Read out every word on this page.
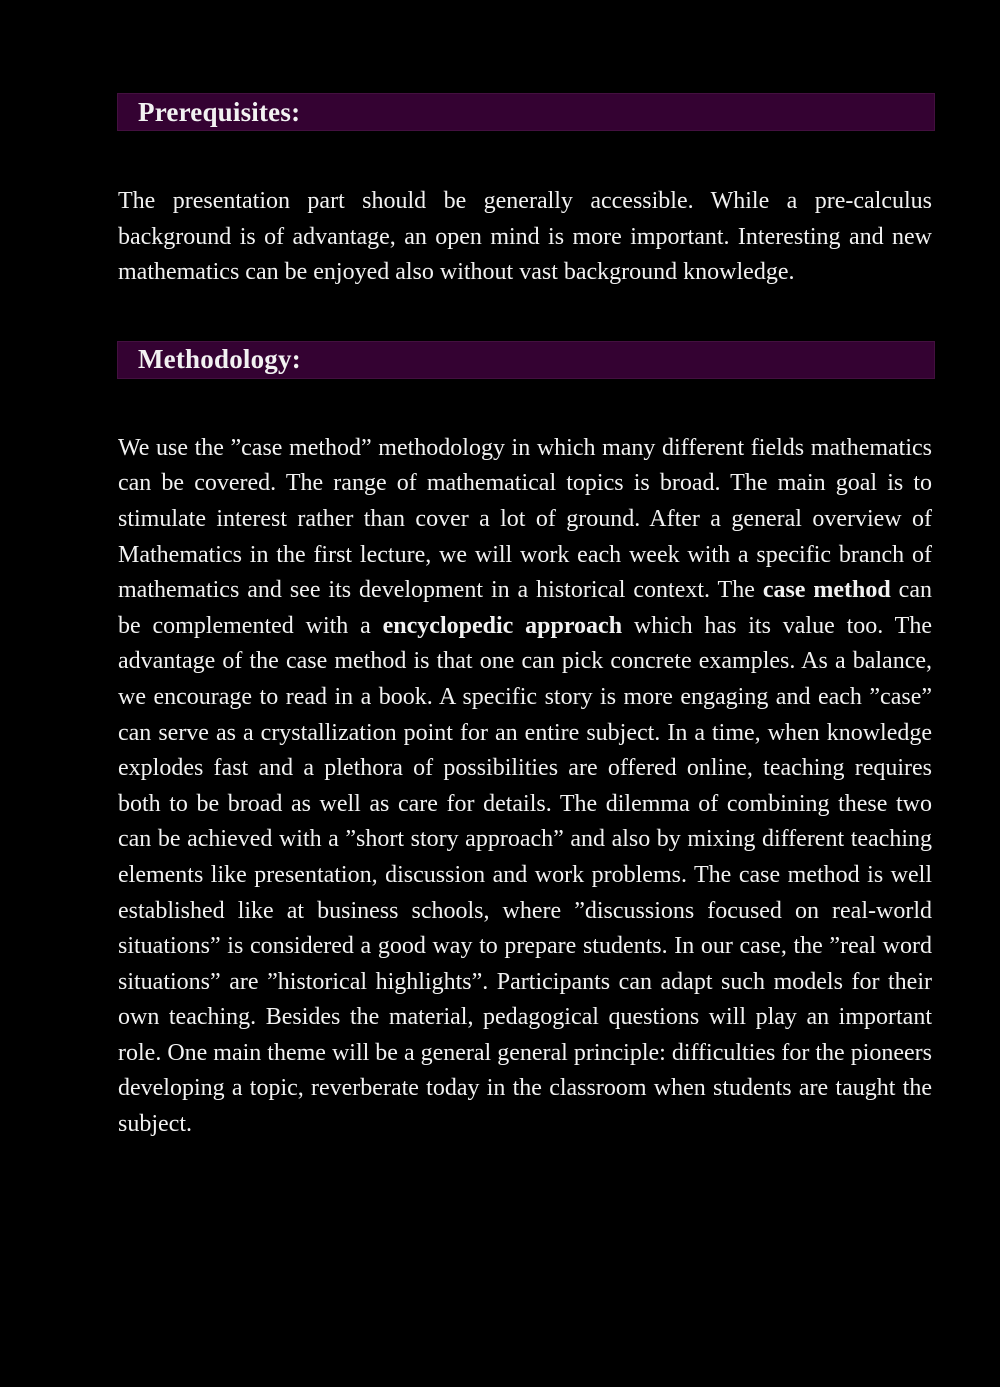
Prerequisites:

The presentation part should be generally accessible. While a pre-calculus background is of advantage, an open mind is more important. Interesting and new mathematics can be enjoyed also without vast background knowledge.

Methodology:

We use the ”case method” methodology in which many different fields mathematics can be covered. The range of mathematical topics is broad. The main goal is to stimulate interest rather than cover a lot of ground. After a general overview of Mathematics in the first lecture, we will work each week with a specific branch of mathematics and see its development in a historical context. The case method can be complemented with a encyclopedic approach which has its value too. The advantage of the case method is that one can pick concrete examples. As a balance, we encourage to read in a book. A specific story is more engaging and each ”case” can serve as a crystallization point for an entire subject. In a time, when knowledge explodes fast and a plethora of possibilities are offered online, teaching requires both to be broad as well as care for details. The dilemma of combining these two can be achieved with a ”short story approach” and also by mixing different teaching elements like presentation, discussion and work problems. The case method is well established like at business schools, where ”discussions focused on real-world situations” is considered a good way to prepare students. In our case, the ”real word situations” are ”historical highlights”. Participants can adapt such models for their own teaching. Besides the material, pedagogical questions will play an important role. One main theme will be a general general principle: difficulties for the pioneers developing a topic, reverberate today in the classroom when students are taught the subject.
